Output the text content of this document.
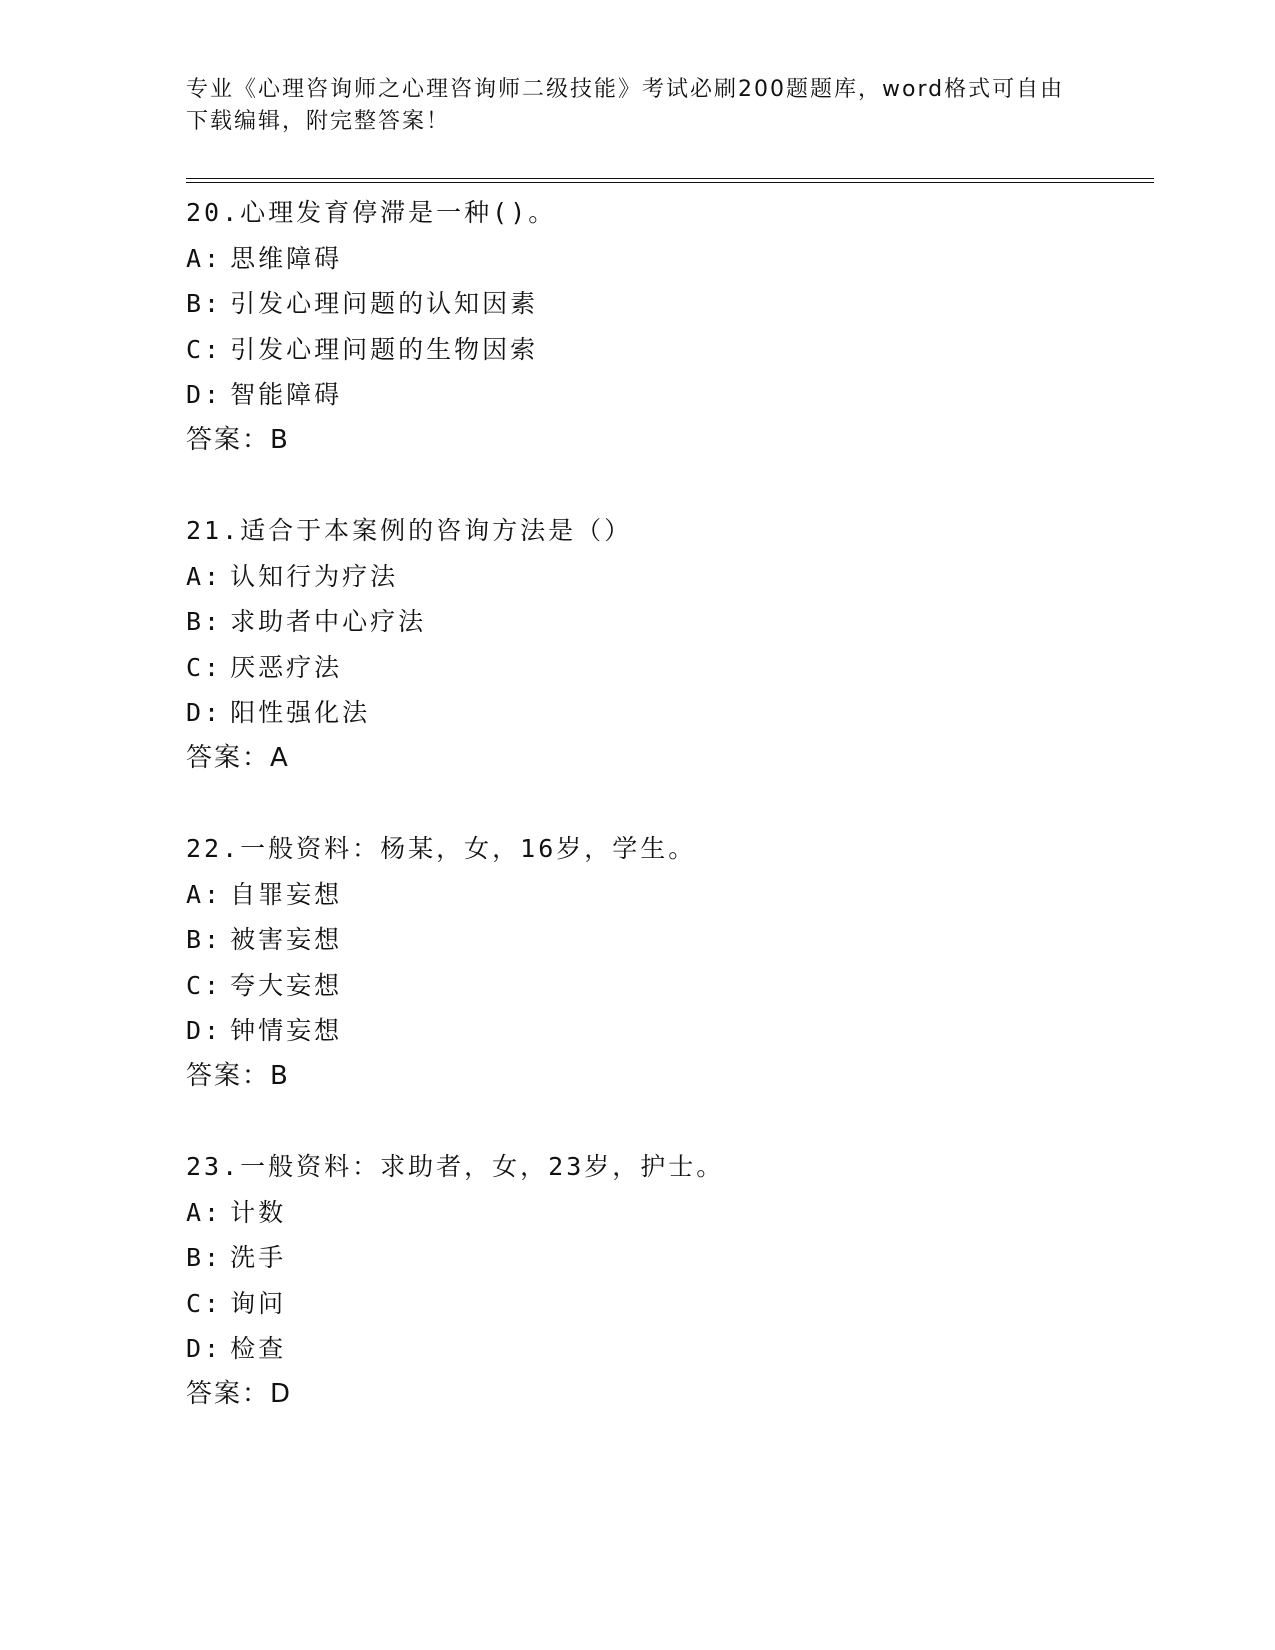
专业《心理咨询师之心理咨询师二级技能》考试必刷200题题库，word格式可自由下载编辑，附完整答案！
20.心理发育停滞是一种()。
A: 思维障碍
B: 引发心理问题的认知因素
C: 引发心理问题的生物因索
D: 智能障碍
答案：B
21.适合于本案例的咨询方法是（）
A: 认知行为疗法
B: 求助者中心疗法
C: 厌恶疗法
D: 阳性强化法
答案：A
22.一般资料：杨某，女，16岁，学生。
A: 自罪妄想
B: 被害妄想
C: 夸大妄想
D: 钟情妄想
答案：B
23.一般资料：求助者，女，23岁，护士。
A: 计数
B: 洗手
C: 询问
D: 检查
答案：D
